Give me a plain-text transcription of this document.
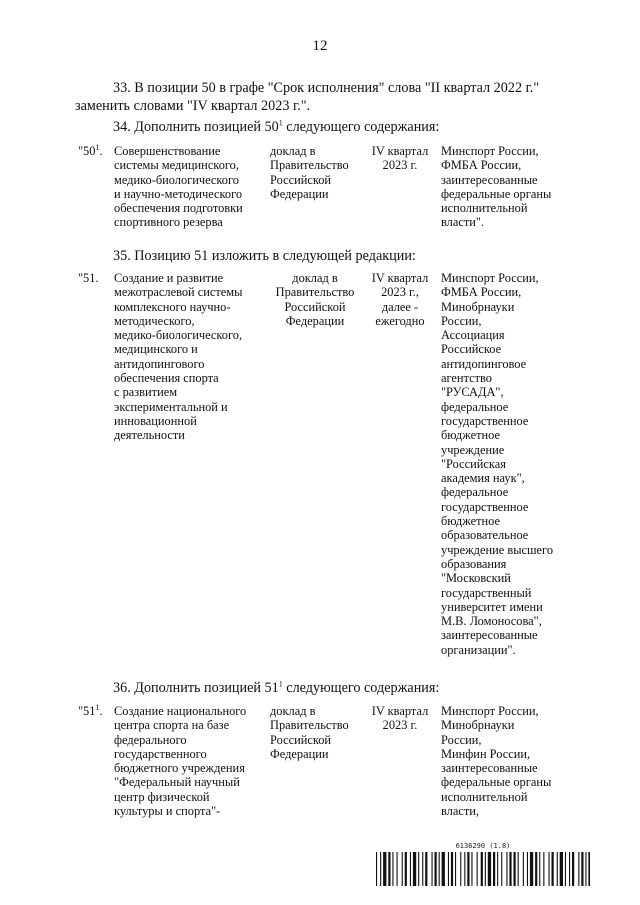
12
33. В позиции 50 в графе "Срок исполнения" слова "II квартал 2022 г."
заменить словами "IV квартал 2023 г.".
34. Дополнить позицией $50^1$ следующего содержания:
"$50^1$. Совершенствование
системы медицинского,
медико-биологического
и научно-методического
обеспечения подготовки
спортивного резерва
доклад в
Правительство
Российской
Федерации
IV квартал
2023 г.
Минспорт России,
ФМБА России,
заинтересованные
федеральные органы
исполнительной
власти".
35. Позицию 51 изложить в следующей редакции:
"51.	Создание и развитие
межотраслевой системы
комплексного научно-
методического,
медико-биологического,
медицинского и
антидопингового
обеспечения спорта
с развитием
экспериментальной и
инновационной
деятельности
доклад в
Правительство
Российской
Федерации
IV квартал
2023 г.,
далее -
ежегодно
Минспорт России,
ФМБА России,
Минобрнауки
России,
Ассоциация
Российское
антидопинговое
агентство
"РУСАДА",
федеральное
государственное
бюджетное
учреждение
"Российская
академия наук",
федеральное
государственное
бюджетное
образовательное
учреждение высшего
образования
"Московский
государственный
университет имени
М.В. Ломоносова",
заинтересованные
организации".
36. Дополнить позицией $51^1$ следующего содержания:
"$51^1$. Создание национального
центра спорта на базе
федерального
государственного
бюджетного учреждения
"Федеральный научный
центр физической
культуры и спорта"-
доклад в
Правительство
Российской
Федерации
IV квартал
2023 г.
Минспорт России,
Минобрнауки
России,
Минфин России,
заинтересованные
федеральные органы
исполнительной
власти,
6136290 (1.8)
